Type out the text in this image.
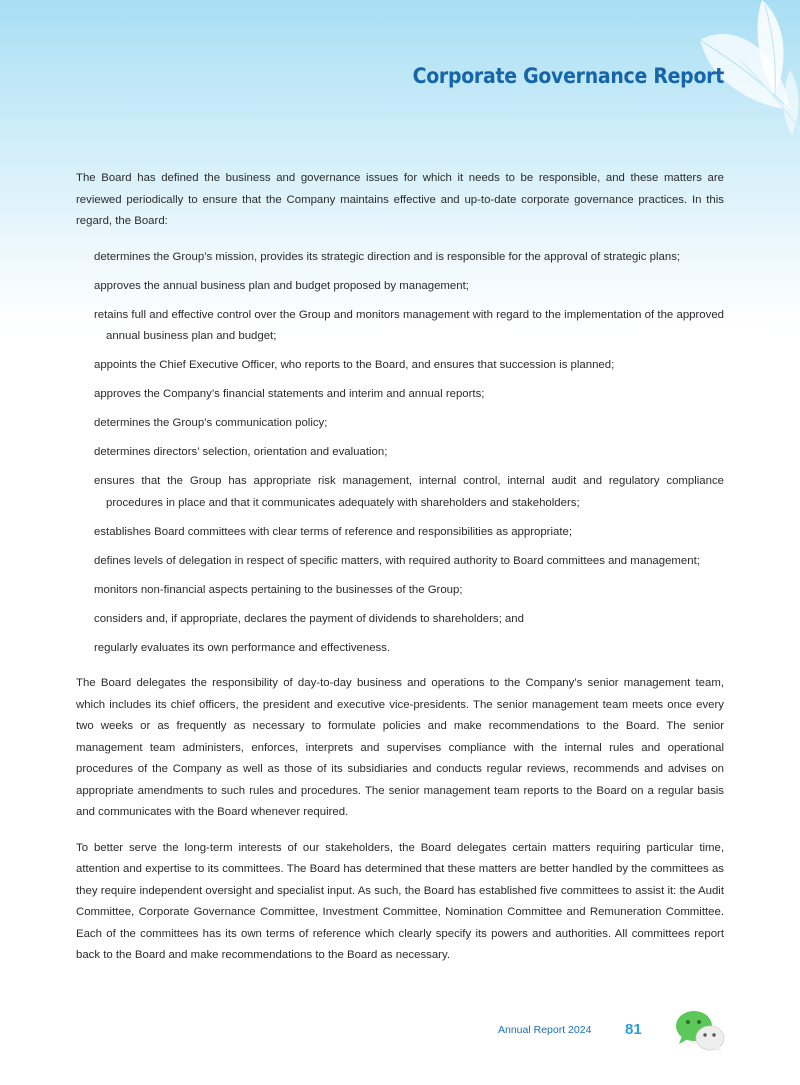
Corporate Governance Report

The Board has defined the business and governance issues for which it needs to be responsible, and these matters are reviewed periodically to ensure that the Company maintains effective and up-to-date corporate governance practices. In this regard, the Board:

determines the Group’s mission, provides its strategic direction and is responsible for the approval of strategic plans;
approves the annual business plan and budget proposed by management;
retains full and effective control over the Group and monitors management with regard to the implementation of the approved annual business plan and budget;
appoints the Chief Executive Officer, who reports to the Board, and ensures that succession is planned;
approves the Company’s financial statements and interim and annual reports;
determines the Group’s communication policy;
determines directors’ selection, orientation and evaluation;
ensures that the Group has appropriate risk management, internal control, internal audit and regulatory compliance procedures in place and that it communicates adequately with shareholders and stakeholders;
establishes Board committees with clear terms of reference and responsibilities as appropriate;
defines levels of delegation in respect of specific matters, with required authority to Board committees and management;
monitors non-financial aspects pertaining to the businesses of the Group;
considers and, if appropriate, declares the payment of dividends to shareholders; and
regularly evaluates its own performance and effectiveness.

The Board delegates the responsibility of day-to-day business and operations to the Company’s senior management team, which includes its chief officers, the president and executive vice-presidents. The senior management team meets once every two weeks or as frequently as necessary to formulate policies and make recommendations to the Board. The senior management team administers, enforces, interprets and supervises compliance with the internal rules and operational procedures of the Company as well as those of its subsidiaries and conducts regular reviews, recommends and advises on appropriate amendments to such rules and procedures. The senior management team reports to the Board on a regular basis and communicates with the Board whenever required.

To better serve the long-term interests of our stakeholders, the Board delegates certain matters requiring particular time, attention and expertise to its committees. The Board has determined that these matters are better handled by the committees as they require independent oversight and specialist input. As such, the Board has established five committees to assist it: the Audit Committee, Corporate Governance Committee, Investment Committee, Nomination Committee and Remuneration Committee. Each of the committees has its own terms of reference which clearly specify its powers and authorities. All committees report back to the Board and make recommendations to the Board as necessary.

Annual Report 2024 81
